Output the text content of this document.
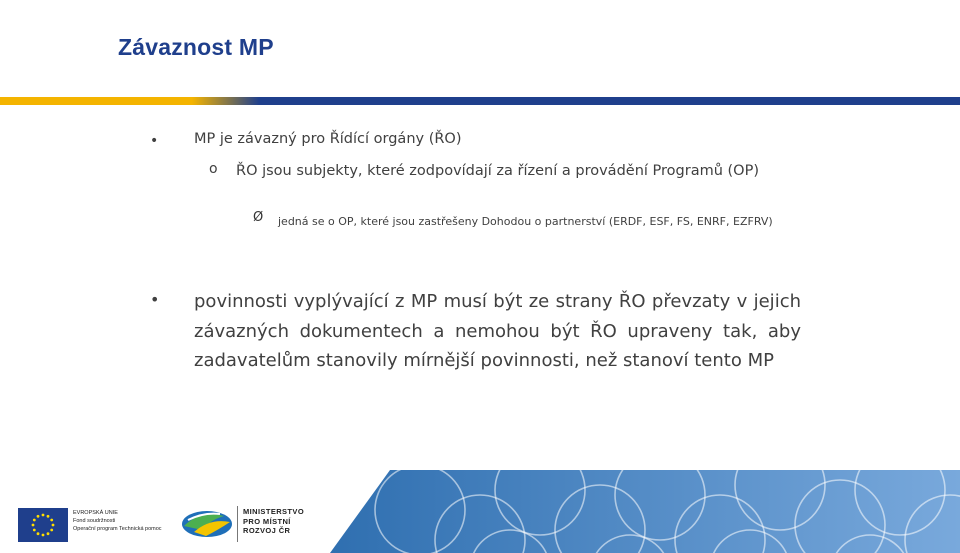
Závaznost MP
• MP je závazný pro Řídící orgány (ŘO)
o ŘO jsou subjekty, které zodpovídají za řízení a provádění Programů (OP)
Ø jedná se o OP, které jsou zastřešeny Dohodou o partnerství (ERDF, ESF, FS, ENRF, EZFRV)
• povinnosti vyplývající z MP musí být ze strany ŘO převzaty v jejich závazných dokumentech a nemohou být ŘO upraveny tak, aby zadavatelům stanovily mírnější povinnosti, než stanoví tento MP
EVROPSKÁ UNIE
Fond soudržnosti
Operační program Technická pomoc
MINISTERSTVO
PRO MÍSTNÍ
ROZVOJ ČR
